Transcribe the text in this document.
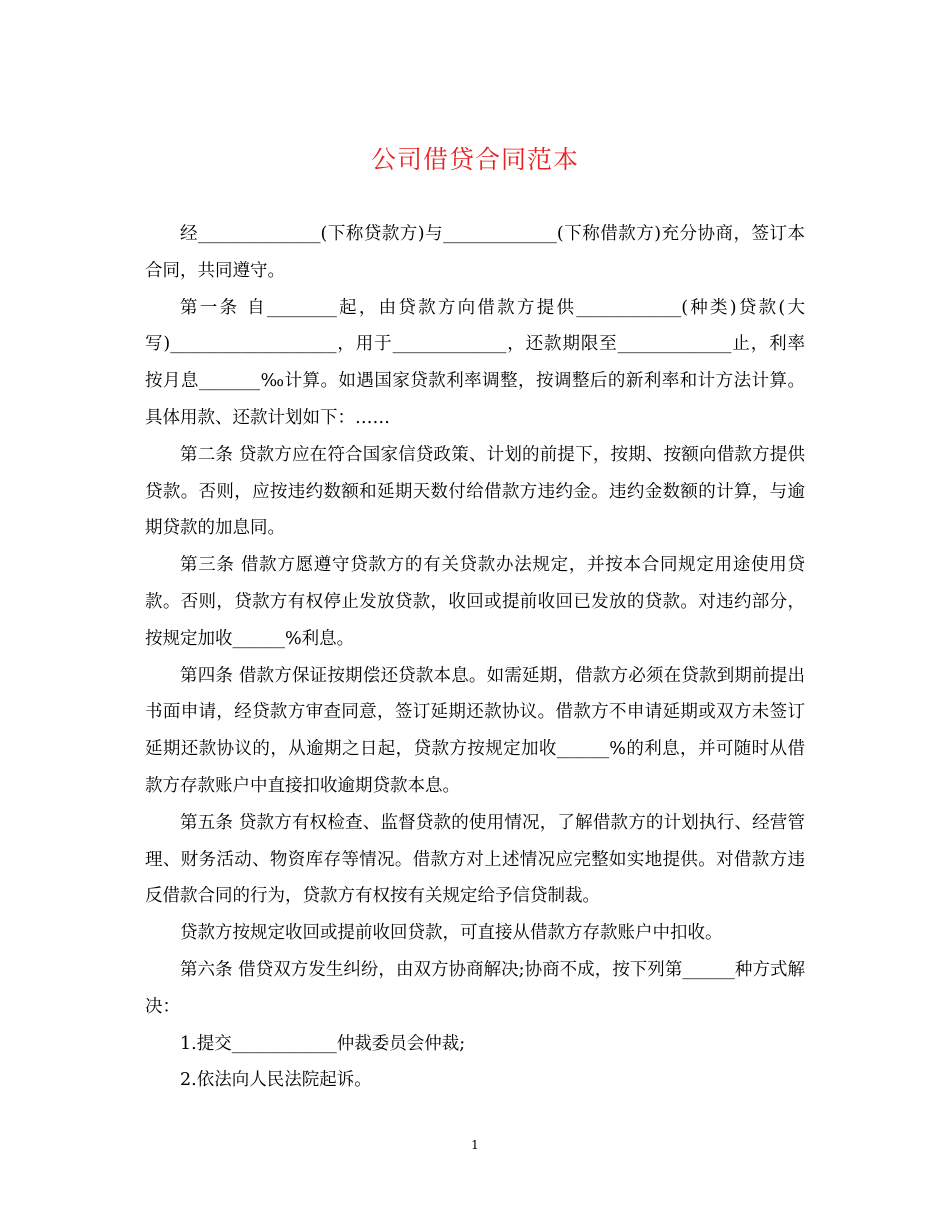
公司借贷合同范本

经______________(下称贷款方)与_____________(下称借款方)充分协商，签订本合同，共同遵守。

第一条 自________起，由贷款方向借款方提供____________(种类)贷款(大写)___________________，用于_____________，还款期限至_____________止，利率按月息_______‰计算。如遇国家贷款利率调整，按调整后的新利率和计方法计算。具体用款、还款计划如下：……

第二条 贷款方应在符合国家信贷政策、计划的前提下，按期、按额向借款方提供贷款。否则，应按违约数额和延期天数付给借款方违约金。违约金数额的计算，与逾期贷款的加息同。

第三条 借款方愿遵守贷款方的有关贷款办法规定，并按本合同规定用途使用贷款。否则，贷款方有权停止发放贷款，收回或提前收回已发放的贷款。对违约部分，按规定加收______%利息。

第四条 借款方保证按期偿还贷款本息。如需延期，借款方必须在贷款到期前提出书面申请，经贷款方审查同意，签订延期还款协议。借款方不申请延期或双方未签订延期还款协议的，从逾期之日起，贷款方按规定加收______%的利息，并可随时从借款方存款账户中直接扣收逾期贷款本息。

第五条 贷款方有权检查、监督贷款的使用情况，了解借款方的计划执行、经营管理、财务活动、物资库存等情况。借款方对上述情况应完整如实地提供。对借款方违反借款合同的行为，贷款方有权按有关规定给予信贷制裁。

贷款方按规定收回或提前收回贷款，可直接从借款方存款账户中扣收。

第六条 借贷双方发生纠纷，由双方协商解决;协商不成，按下列第______种方式解决：

1.提交____________仲裁委员会仲裁;

2.依法向人民法院起诉。

1
